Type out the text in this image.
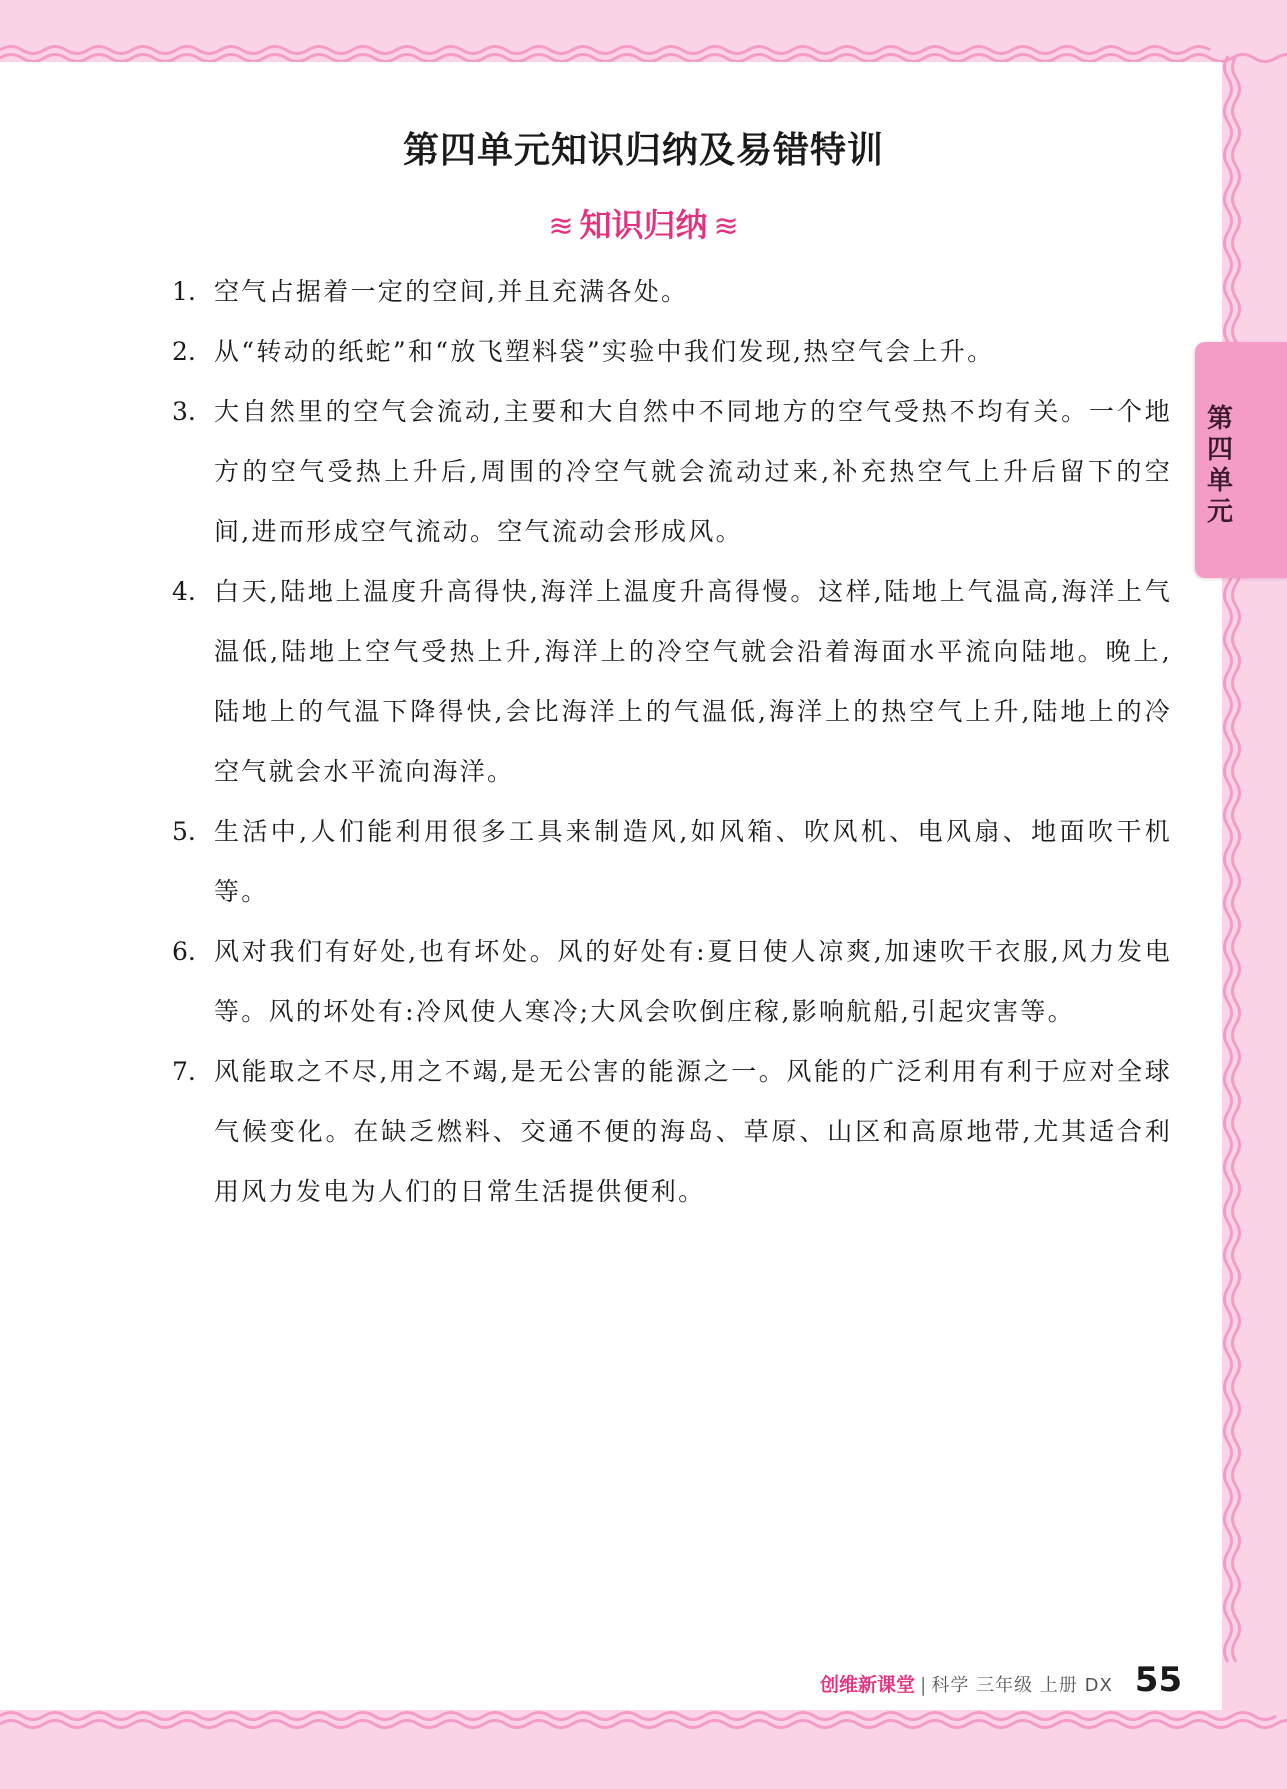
第四单元知识归纳及易错特训
≋ 知识归纳 ≋
1. 空气占据着一定的空间,并且充满各处。
2. 从“转动的纸蛇”和“放飞塑料袋”实验中我们发现,热空气会上升。
3. 大自然里的空气会流动,主要和大自然中不同地方的空气受热不均有关。一个地方的空气受热上升后,周围的冷空气就会流动过来,补充热空气上升后留下的空间,进而形成空气流动。空气流动会形成风。
4. 白天,陆地上温度升高得快,海洋上温度升高得慢。这样,陆地上气温高,海洋上气温低,陆地上空气受热上升,海洋上的冷空气就会沿着海面水平流向陆地。晚上,陆地上的气温下降得快,会比海洋上的气温低,海洋上的热空气上升,陆地上的冷空气就会水平流向海洋。
5. 生活中,人们能利用很多工具来制造风,如风箱、吹风机、电风扇、地面吹干机等。
6. 风对我们有好处,也有坏处。风的好处有:夏日使人凉爽,加速吹干衣服,风力发电等。风的坏处有:冷风使人寒冷;大风会吹倒庄稼,影响航船,引起灾害等。
7. 风能取之不尽,用之不竭,是无公害的能源之一。风能的广泛利用有利于应对全球气候变化。在缺乏燃料、交通不便的海岛、草原、山区和高原地带,尤其适合利用风力发电为人们的日常生活提供便利。
第四单元
创维新课堂 | 科学 三年级 上册 DX 55
